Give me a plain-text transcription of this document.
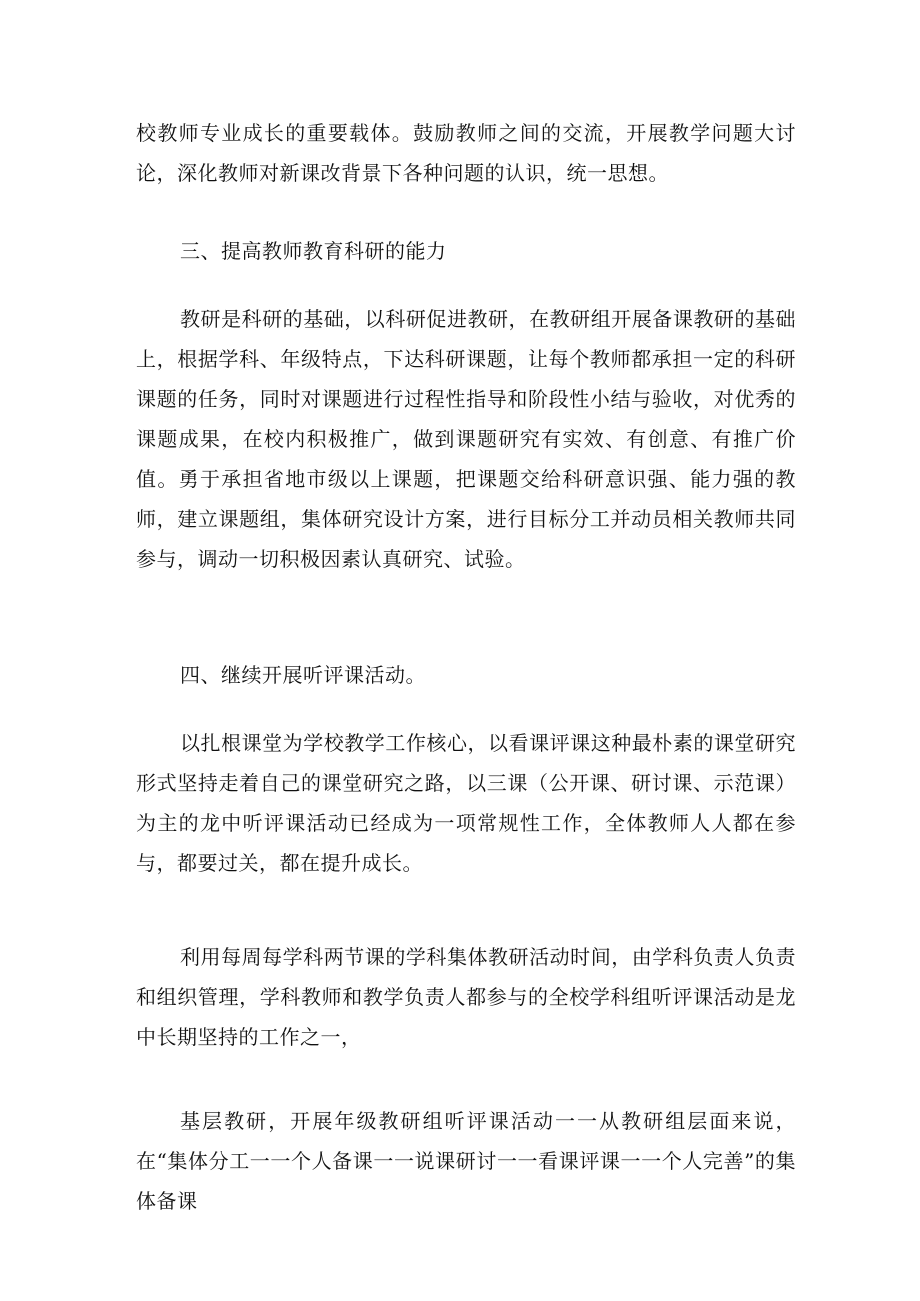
校教师专业成长的重要载体。鼓励教师之间的交流，开展教学问题大讨论，深化教师对新课改背景下各种问题的认识，统一思想。

三、提高教师教育科研的能力

教研是科研的基础，以科研促进教研，在教研组开展备课教研的基础上，根据学科、年级特点，下达科研课题，让每个教师都承担一定的科研课题的任务，同时对课题进行过程性指导和阶段性小结与验收，对优秀的课题成果，在校内积极推广，做到课题研究有实效、有创意、有推广价值。勇于承担省地市级以上课题，把课题交给科研意识强、能力强的教师，建立课题组，集体研究设计方案，进行目标分工并动员相关教师共同参与，调动一切积极因素认真研究、试验。

四、继续开展听评课活动。

以扎根课堂为学校教学工作核心，以看课评课这种最朴素的课堂研究形式坚持走着自己的课堂研究之路，以三课（公开课、研讨课、示范课）为主的龙中听评课活动已经成为一项常规性工作，全体教师人人都在参与，都要过关，都在提升成长。

利用每周每学科两节课的学科集体教研活动时间，由学科负责人负责和组织管理，学科教师和教学负责人都参与的全校学科组听评课活动是龙中长期坚持的工作之一，

基层教研，开展年级教研组听评课活动一一从教研组层面来说，在“集体分工一一个人备课一一说课研讨一一看课评课一一个人完善”的集体备课
